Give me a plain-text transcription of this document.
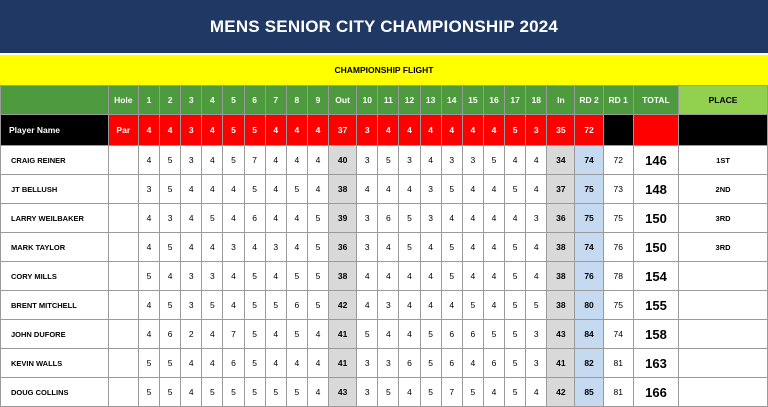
MENS SENIOR CITY CHAMPIONSHIP 2024
CHAMPIONSHIP FLIGHT
	Hole	1	2	3	4	5	6	7	8	9	Out	10	11	12	13	14	15	16	17	18	In	RD 2	RD 1	TOTAL	PLACE
Player Name	Par	4	4	3	4	5	5	4	4	4	37	3	4	4	4	4	4	4	5	3	35	72			
CRAIG REINER		4	5	3	4	5	7	4	4	4	40	3	5	3	4	3	3	5	4	4	34	74	72	146	1ST
JT BELLUSH		3	5	4	4	4	5	4	5	4	38	4	4	4	3	5	4	4	5	4	37	75	73	148	2ND
LARRY WEILBAKER		4	3	4	5	4	6	4	4	5	39	3	6	5	3	4	4	4	4	3	36	75	75	150	3RD
MARK TAYLOR		4	5	4	4	3	4	3	4	5	36	3	4	5	4	5	4	4	5	4	38	74	76	150	3RD
CORY MILLS		5	4	3	3	4	5	4	5	5	38	4	4	4	4	5	4	4	5	4	38	76	78	154	
BRENT MITCHELL		4	5	3	5	4	5	5	6	5	42	4	3	4	4	4	5	4	5	5	38	80	75	155	
JOHN DUFORE		4	6	2	4	7	5	4	5	4	41	5	4	4	5	6	6	5	5	3	43	84	74	158	
KEVIN WALLS		5	5	4	4	6	5	4	4	4	41	3	3	6	5	6	4	6	5	3	41	82	81	163	
DOUG COLLINS		5	5	4	5	5	5	5	5	4	43	3	5	4	5	7	5	4	5	4	42	85	81	166	
